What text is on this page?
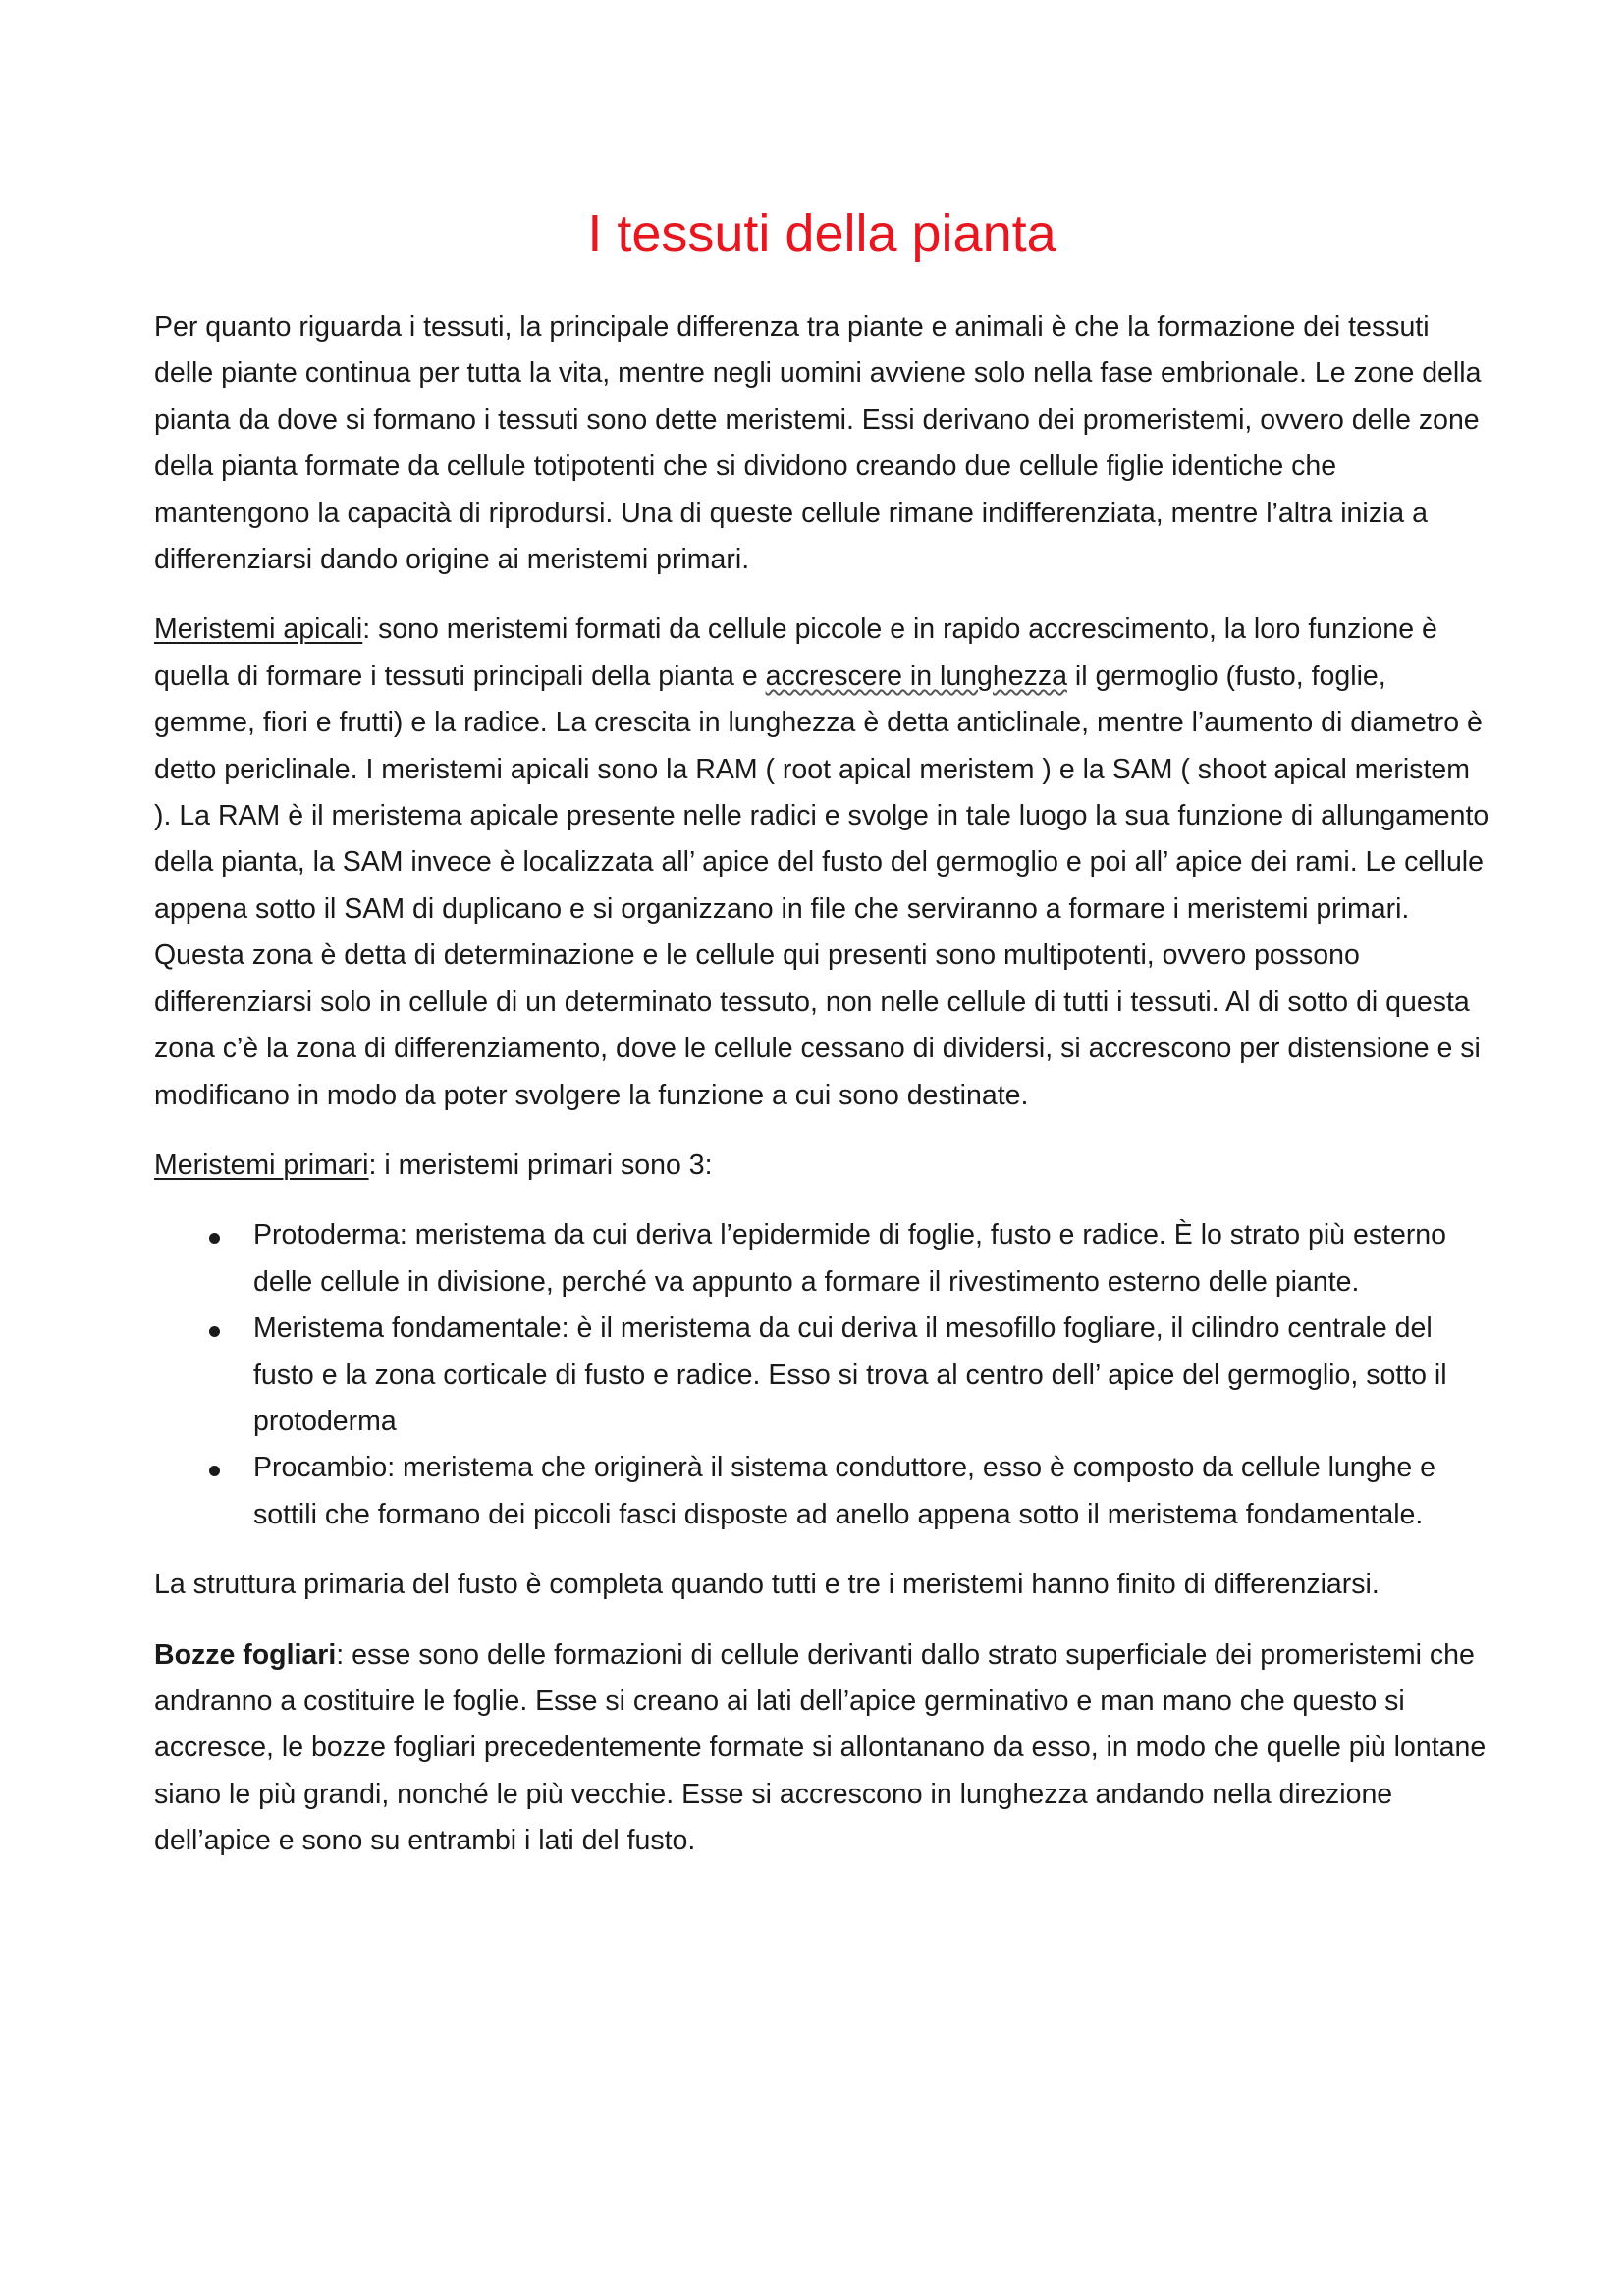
I tessuti della pianta

Per quanto riguarda i tessuti, la principale differenza tra piante e animali è che la formazione dei tessuti delle piante continua per tutta la vita, mentre negli uomini avviene solo nella fase embrionale. Le zone della pianta da dove si formano i tessuti sono dette meristemi. Essi derivano dei promeristemi, ovvero delle zone della pianta formate da cellule totipotenti che si dividono creando due cellule figlie identiche che mantengono la capacità di riprodursi. Una di queste cellule rimane indifferenziata, mentre l’altra inizia a differenziarsi dando origine ai meristemi primari.

Meristemi apicali: sono meristemi formati da cellule piccole e in rapido accrescimento, la loro funzione è quella di formare i tessuti principali della pianta e accrescere in lunghezza il germoglio (fusto, foglie, gemme, fiori e frutti) e la radice. La crescita in lunghezza è detta anticlinale, mentre l’aumento di diametro è detto periclinale. I meristemi apicali sono la RAM ( root apical meristem ) e la SAM ( shoot apical meristem ). La RAM è il meristema apicale presente nelle radici e svolge in tale luogo la sua funzione di allungamento della pianta, la SAM invece è localizzata all’ apice del fusto del germoglio e poi all’ apice dei rami. Le cellule appena sotto il SAM di duplicano e si organizzano in file che serviranno a formare i meristemi primari. Questa zona è detta di determinazione e le cellule qui presenti sono multipotenti, ovvero possono differenziarsi solo in cellule di un determinato tessuto, non nelle cellule di tutti i tessuti. Al di sotto di questa zona c’è la zona di differenziamento, dove le cellule cessano di dividersi, si accrescono per distensione e si modificano in modo da poter svolgere la funzione a cui sono destinate.

Meristemi primari: i meristemi primari sono 3:

Protoderma: meristema da cui deriva l’epidermide di foglie, fusto e radice. È lo strato più esterno delle cellule in divisione, perché va appunto a formare il rivestimento esterno delle piante.
Meristema fondamentale: è il meristema da cui deriva il mesofillo fogliare, il cilindro centrale del fusto e la zona corticale di fusto e radice. Esso si trova al centro dell’ apice del germoglio, sotto il protoderma
Procambio: meristema che originerà il sistema conduttore, esso è composto da cellule lunghe e sottili che formano dei piccoli fasci disposte ad anello appena sotto il meristema fondamentale.

La struttura primaria del fusto è completa quando tutti e tre i meristemi hanno finito di differenziarsi.

Bozze fogliari: esse sono delle formazioni di cellule derivanti dallo strato superficiale dei promeristemi che andranno a costituire le foglie. Esse si creano ai lati dell’apice germinativo e man mano che questo si accresce, le bozze fogliari precedentemente formate si allontanano da esso, in modo che quelle più lontane siano le più grandi, nonché le più vecchie. Esse si accrescono in lunghezza andando nella direzione dell’apice e sono su entrambi i lati del fusto.
